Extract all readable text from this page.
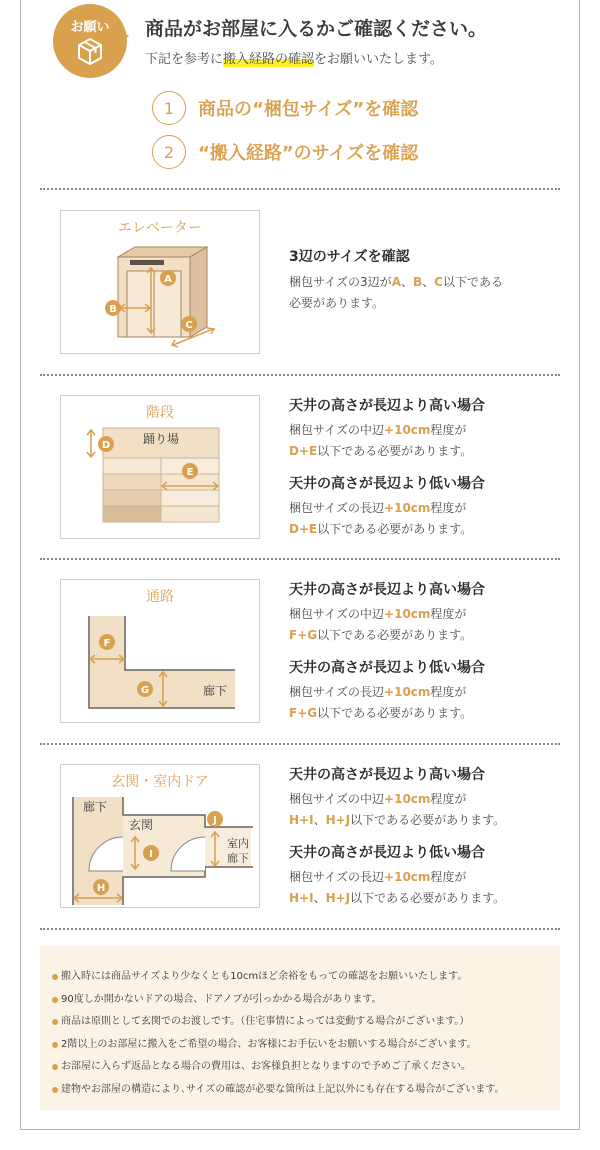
お願い	商品がお部屋に入るかご確認ください。
下記を参考に搬入経路の確認をお願いいたします。
1	商品の“梱包サイズ”を確認
2	“搬入経路”のサイズを確認
エレベーター
A
B
C
3辺のサイズを確認
梱包サイズの3辺がA、B、C以下である
必要があります。
階段
踊り場
D
E
天井の高さが長辺より高い場合
梱包サイズの中辺+10cm程度が
D+E以下である必要があります。
天井の高さが長辺より低い場合
梱包サイズの長辺+10cm程度が
D+E以下である必要があります。
通路
廊下
F
G
天井の高さが長辺より高い場合
梱包サイズの中辺+10cm程度が
F+G以下である必要があります。
天井の高さが長辺より低い場合
梱包サイズの長辺+10cm程度が
F+G以下である必要があります。
玄関・室内ドア
廊下
玄関
室内
廊下
H
I
J
天井の高さが長辺より高い場合
梱包サイズの中辺+10cm程度が
H+I、H+J以下である必要があります。
天井の高さが長辺より低い場合
梱包サイズの長辺+10cm程度が
H+I、H+J以下である必要があります。
搬入時には商品サイズより少なくとも10cmほど余裕をもっての確認をお願いいたします。
90度しか開かないドアの場合、ドアノブが引っかかる場合があります。
商品は原則として玄関でのお渡しです。（住宅事情によっては変動する場合がございます。）
2階以上のお部屋に搬入をご希望の場合、お客様にお手伝いをお願いする場合がございます。
お部屋に入らず返品となる場合の費用は、お客様負担となりますので予めご了承ください。
建物やお部屋の構造により､サイズの確認が必要な箇所は上記以外にも存在する場合がございます。
